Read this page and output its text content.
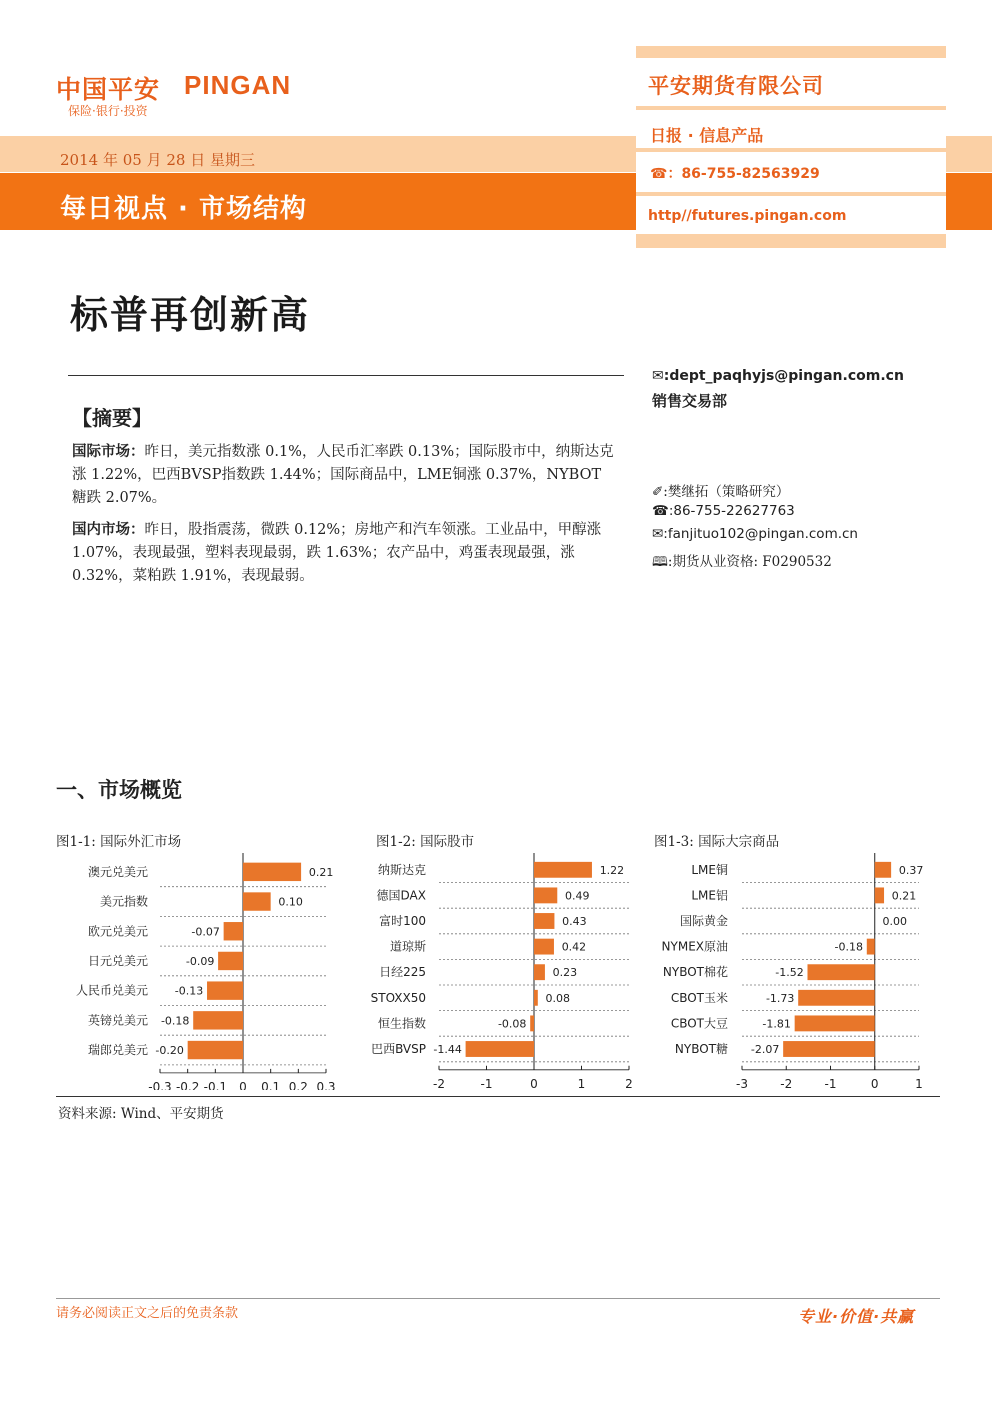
中国平安 PINGAN
保险·银行·投资
2014 年 05 月 28 日 星期三
每日视点 · 市场结构
平安期货有限公司
日报 · 信息产品
☎：86-755-82563929
http//futures.pingan.com
标普再创新高
✉:dept_paqhyjs@pingan.com.cn
销售交易部
✐:樊继拓（策略研究）
☎:86-755-22627763
✉:fanjituo102@pingan.com.cn
🕮:期货从业资格: F0290532
【摘要】
国际市场：昨日，美元指数涨 0.1%，人民币汇率跌 0.13%；国际股市中，纳斯达克涨 1.22%，巴西BVSP指数跌 1.44%；国际商品中，LME铜涨 0.37%，NYBOT 糖跌 2.07%。
国内市场：昨日，股指震荡，微跌 0.12%；房地产和汽车领涨。工业品中，甲醇涨 1.07%，表现最强，塑料表现最弱，跌 1.63%；农产品中，鸡蛋表现最强，涨 0.32%，菜粕跌 1.91%，表现最弱。
一、市场概览
图1-1: 国际外汇市场	图1-2: 国际股市	图1-3: 国际大宗商品
-0.3 -0.2 -0.1 0 0.1 0.2 0.3
澳元兑美元	0.21
美元指数	0.10
欧元兑美元	-0.07
日元兑美元	-0.09
人民币兑美元 -0.13
英镑兑美元 -0.18
瑞郎兑美元 -0.20
-2	-1	0	1	2
纳斯达克	1.22
德国DAX	0.49
富时100	0.43
道琼斯	0.42
日经225	0.23
STOXX50	0.08
恒生指数	-0.08
巴西BVSP -1.44
-3	-2	-1	0	1
LME铜	0.37
LME铝	0.21
国际黄金	0.00
NYMEX原油	-0.18
NYBOT棉花	-1.52
CBOT玉米	-1.73
CBOT大豆	-1.81
NYBOT糖 -2.07
资料来源: Wind、平安期货
请务必阅读正文之后的免责条款	专业·价值·共赢
